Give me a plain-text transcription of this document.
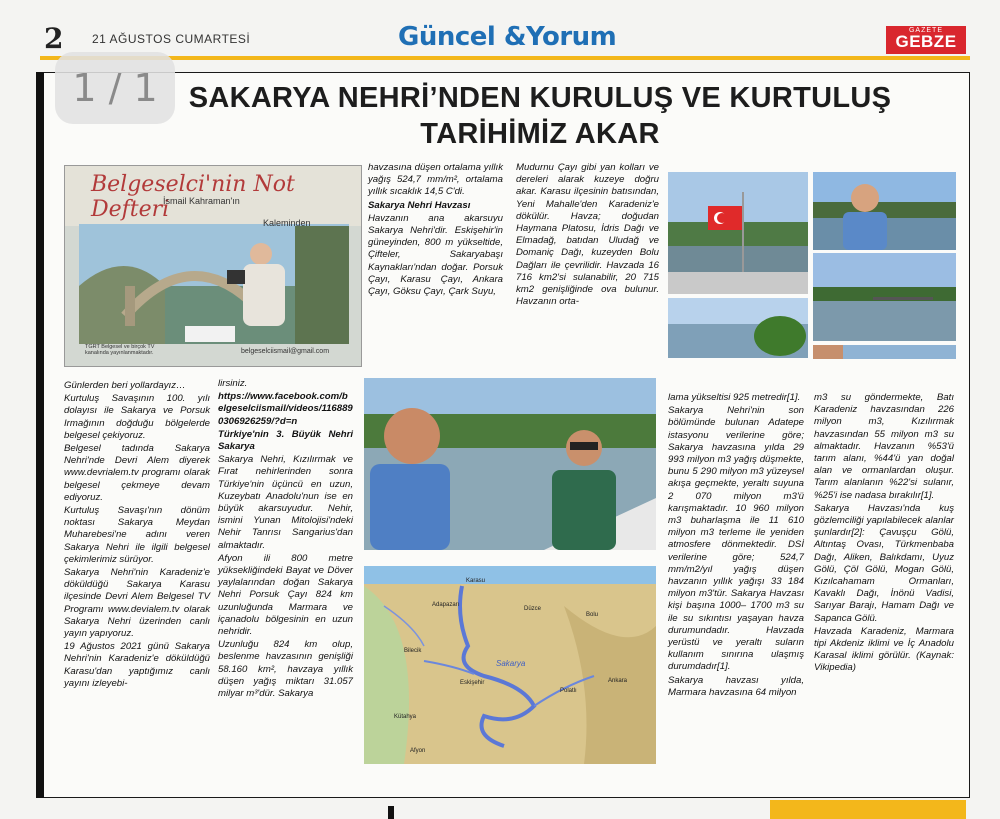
2 21 AĞUSTOS CUMARTESİ	Güncel &Yorum	GAZETE
GEBZE
SAKARYA NEHRİ’NDEN KURULUŞ VE KURTULUŞ
TARİHİMİZ AKAR
Belgeselci'nin Not Defteri
İsmail Kahraman'ın
Kaleminden
TGRT Belgesel ve birçok TV kanalında yayınlanmaktadır.	belgeselciismail@gmail.com

havzasına düşen ortalama yıllık yağış 524,7 mm/m², ortalama yıllık sıcaklık 14,5 C'di.

Sakarya Nehri Havzası

Havzanın ana akarsuyu Sakarya Nehri'dir. Eskişehir'in güneyinden, 800 m yükseltide, Çifteler, Sakaryabaşı Kaynakları'ndan doğar. Porsuk Çayı, Karasu Çayı, Ankara Çayı, Göksu Çayı, Çark Suyu,

Mudurnu Çayı gibi yan kolları ve dereleri alarak kuzeye doğru akar. Karasu ilçesinin batısından, Yeni Mahalle'den Karadeniz'e dökülür. Havza; doğudan Haymana Platosu, İdris Dağı ve Elmadağ, batıdan Uludağ ve Domaniç Dağı, kuzeyden Bolu Dağları ile çevrilidir. Havzada 16 716 km2'si sulanabilir, 20 715 km2 genişliğinde ova bulunur. Havzanın orta-

Karasu
Adapazarı
Düzce
Bolu
Bilecik
Sakarya
Eskişehir	Ankara
Kütahya
Polatlı
Afyon

Günlerden beri yollardayız…

Kurtuluş Savaşının 100. yılı dolayısı ile Sakarya ve Porsuk Irmağının doğduğu bölgelerde belgesel çekiyoruz.

Belgesel tadında Sakarya Nehri'nde Devri Alem diyerek www.devrialem.tv programı olarak belgesel çekmeye devam ediyoruz.

Kurtuluş Savaşı'nın dönüm noktası Sakarya Meydan Muharebesi'ne adını veren Sakarya Nehri ile ilgili belgesel çekimlerimiz sürüyor.

Sakarya Nehri'nin Karadeniz'e döküldüğü Sakarya Karasu ilçesinde Devri Alem Belgesel TV Programı www.devialem.tv olarak Sakarya Nehri üzerinden canlı yayın yapıyoruz.

19 Ağustos 2021 günü Sakarya Nehri'nin Karadeniz'e döküldüğü Karasu'dan yaptığımız canlı yayını izleyebi-

lirsiniz.

https://www.facebook.com/belgeselciismail/videos/1168890306926259/?d=n

Türkiye'nin 3. Büyük Nehri Sakarya

Sakarya Nehri, Kızılırmak ve Fırat nehirlerinden sonra Türkiye'nin üçüncü en uzun, Kuzeybatı Anadolu'nun ise en büyük akarsuyudur. Nehir, ismini Yunan Mitolojisi'ndeki Nehir Tanrısı Sangarius'dan almaktadır.

Afyon ili 800 metre yüksekliğindeki Bayat ve Döver yaylalarından doğan Sakarya Nehri Porsuk Çayı 824 km uzunluğunda Marmara ve içanadolu bölgesinin en uzun nehridir.

Uzunluğu 824 km olup, beslenme havzasının genişliği 58.160 km², havzaya yıllık düşen yağış miktarı 31.057 milyar m³'dür. Sakarya

lama yükseltisi 925 metredir[1].

Sakarya Nehri'nin son bölümünde bulunan Adatepe istasyonu verilerine göre; Sakarya havzasına yılda 29 993 milyon m3 yağış düşmekte, bunu 5 290 milyon m3 yüzeysel akışa geçmekte, yeraltı suyuna 2 070 milyon m3'ü karışmaktadır. 10 960 milyon m3 buharlaşma ile 11 610 milyon m3 terleme ile yeniden atmosfere dönmektedir. DSİ verilerine göre; 524,7 mm/m2/yıl yağış düşen havzanın yıllık yağışı 33 184 milyon m3'tür. Sakarya Havzası kişi başına 1000– 1700 m3 su ile su sıkıntısı yaşayan havza durumundadır. Havzada yerüstü ve yeraltı suların kullanım sınırına ulaşmış durumdadır[1].

Sakarya havzası yılda, Marmara havzasına 64 milyon

m3 su göndermekte, Batı Karadeniz havzasından 226 milyon m3, Kızılırmak havzasından 55 milyon m3 su almaktadır. Havzanın %53'ü tarım alanı, %44'ü yan doğal alan ve ormanlardan oluşur. Tarım alanlanın %22'si sulanır, %25'i ise nadasa bırakılır[1].

Sakarya Havzası'nda kuş gözlemciliği yapılabilecek alanlar şunlardır[2]: Çavuşçu Gölü, Altıntaş Ovası, Türkmenbaba Dağı, Aliken, Balıkdamı, Uyuz Gölü, Çöl Gölü, Mogan Gölü, Kızılcahamam Ormanları, Kavaklı Dağı, İnönü Vadisi, Sarıyar Barajı, Hamam Dağı ve Sapanca Gölü.

Havzada Karadeniz, Marmara tipi Akdeniz iklimi ve İç Anadolu Karasal iklimi görülür. (Kaynak: Vikipedia)

1 / 1
